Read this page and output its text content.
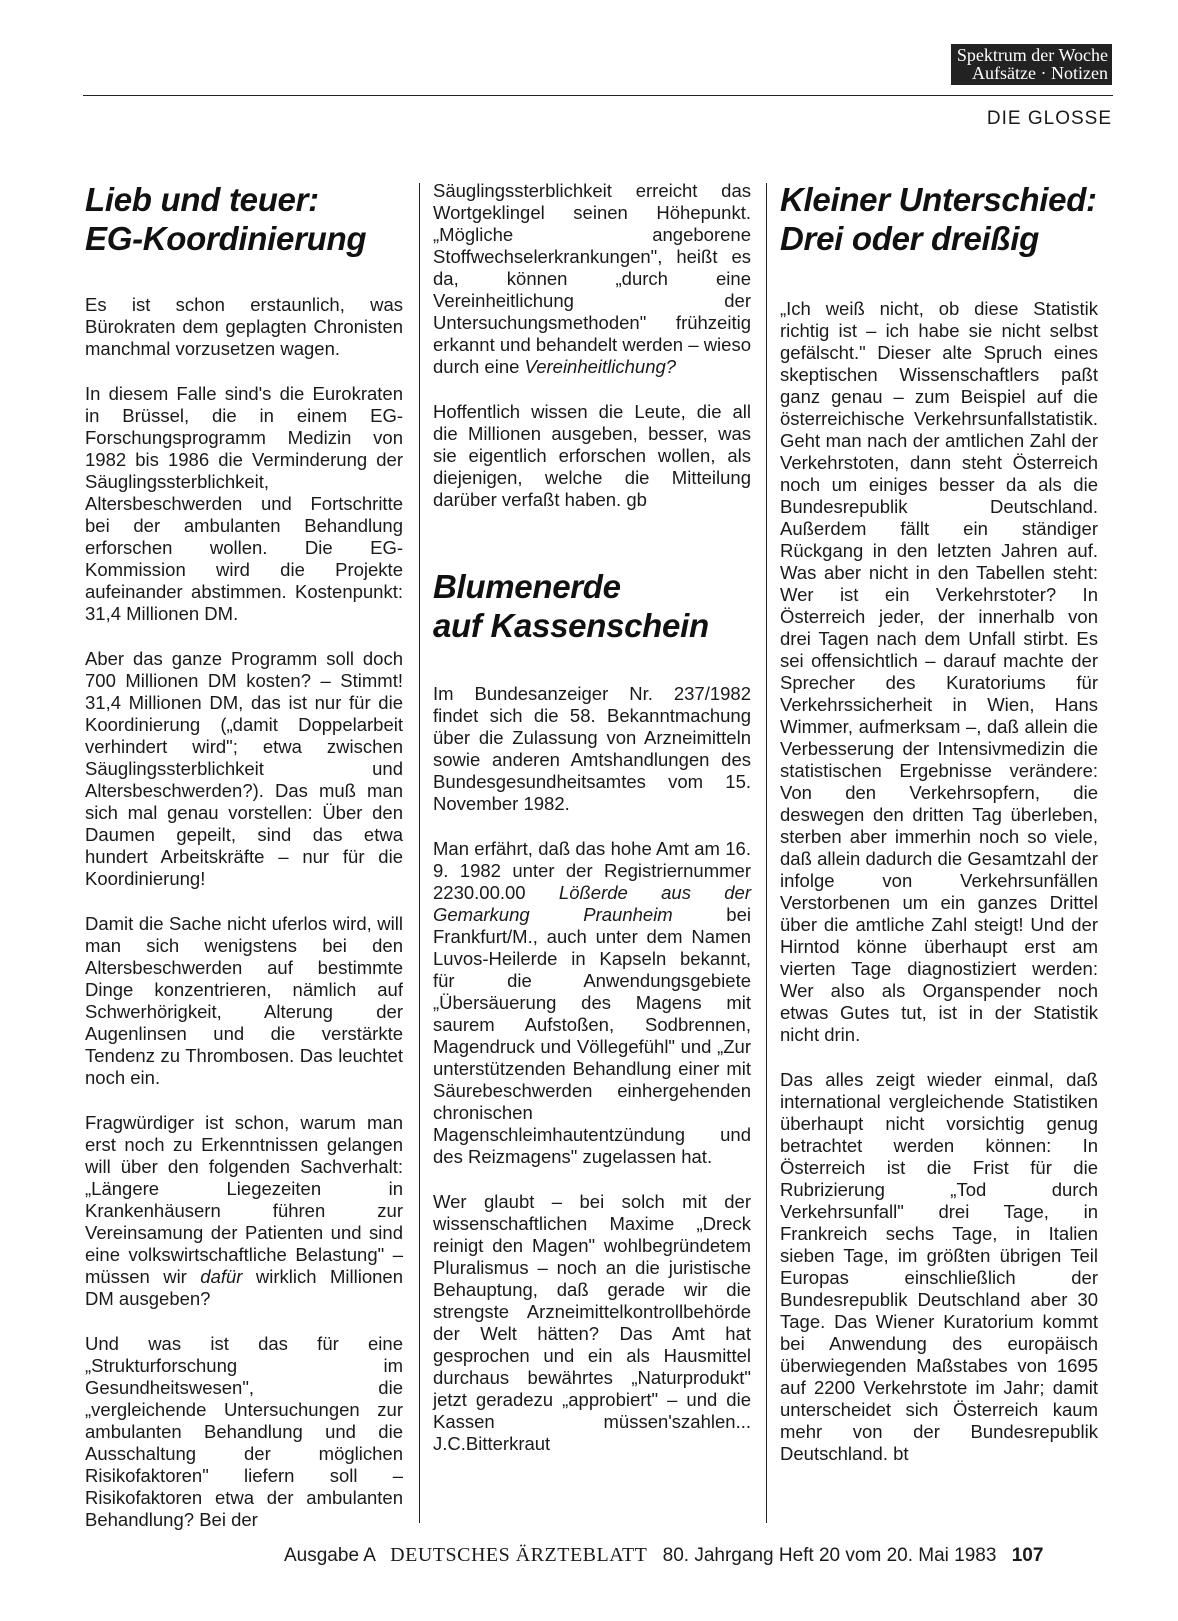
Spektrum der Woche
Aufsätze · Notizen
DIE GLOSSE
Lieb und teuer:
EG-Koordinierung

Es ist schon erstaunlich, was Bürokraten dem geplagten Chronisten manchmal vorzusetzen wagen.

In diesem Falle sind's die Eurokraten in Brüssel, die in einem EG-Forschungsprogramm Medizin von 1982 bis 1986 die Verminderung der Säuglingssterblichkeit, Altersbeschwerden und Fortschritte bei der ambulanten Behandlung erforschen wollen. Die EG-Kommission wird die Projekte aufeinander abstimmen. Kostenpunkt: 31,4 Millionen DM.

Aber das ganze Programm soll doch 700 Millionen DM kosten? – Stimmt! 31,4 Millionen DM, das ist nur für die Koordinierung („damit Doppelarbeit verhindert wird"; etwa zwischen Säuglingssterblichkeit und Altersbeschwerden?). Das muß man sich mal genau vorstellen: Über den Daumen gepeilt, sind das etwa hundert Arbeitskräfte – nur für die Koordinierung!

Damit die Sache nicht uferlos wird, will man sich wenigstens bei den Altersbeschwerden auf bestimmte Dinge konzentrieren, nämlich auf Schwerhörigkeit, Alterung der Augenlinsen und die verstärkte Tendenz zu Thrombosen. Das leuchtet noch ein.

Fragwürdiger ist schon, warum man erst noch zu Erkenntnissen gelangen will über den folgenden Sachverhalt: „Längere Liegezeiten in Krankenhäusern führen zur Vereinsamung der Patienten und sind eine volkswirtschaftliche Belastung" – müssen wir dafür wirklich Millionen DM ausgeben?

Und was ist das für eine „Strukturforschung im Gesundheitswesen", die „vergleichende Untersuchungen zur ambulanten Behandlung und die Ausschaltung der möglichen Risikofaktoren" liefern soll – Risikofaktoren etwa der ambulanten Behandlung? Bei der

Säuglingssterblichkeit erreicht das Wortgeklingel seinen Höhepunkt. „Mögliche angeborene Stoffwechselerkrankungen", heißt es da, können „durch eine Vereinheitlichung der Untersuchungsmethoden" frühzeitig erkannt und behandelt werden – wieso durch eine Vereinheitlichung?

Hoffentlich wissen die Leute, die all die Millionen ausgeben, besser, was sie eigentlich erforschen wollen, als diejenigen, welche die Mitteilung darüber verfaßt haben. gb

Blumenerde
auf Kassenschein

Im Bundesanzeiger Nr. 237/1982 findet sich die 58. Bekanntmachung über die Zulassung von Arzneimitteln sowie anderen Amtshandlungen des Bundesgesundheitsamtes vom 15. November 1982.

Man erfährt, daß das hohe Amt am 16. 9. 1982 unter der Registriernummer 2230.00.00 Lößerde aus der Gemarkung Praunheim bei Frankfurt/M., auch unter dem Namen Luvos-Heilerde in Kapseln bekannt, für die Anwendungsgebiete „Übersäuerung des Magens mit saurem Aufstoßen, Sodbrennen, Magendruck und Völlegefühl" und „Zur unterstützenden Behandlung einer mit Säurebeschwerden einhergehenden chronischen Magenschleimhautentzündung und des Reizmagens" zugelassen hat.

Wer glaubt – bei solch mit der wissenschaftlichen Maxime „Dreck reinigt den Magen" wohlbegründetem Pluralismus – noch an die juristische Behauptung, daß gerade wir die strengste Arzneimittelkontrollbehörde der Welt hätten? Das Amt hat gesprochen und ein als Hausmittel durchaus bewährtes „Naturprodukt" jetzt geradezu „approbiert" – und die Kassen müssen'szahlen... J.C.Bitterkraut

Kleiner Unterschied:
Drei oder dreißig

„Ich weiß nicht, ob diese Statistik richtig ist – ich habe sie nicht selbst gefälscht." Dieser alte Spruch eines skeptischen Wissenschaftlers paßt ganz genau – zum Beispiel auf die österreichische Verkehrsunfallstatistik. Geht man nach der amtlichen Zahl der Verkehrstoten, dann steht Österreich noch um einiges besser da als die Bundesrepublik Deutschland. Außerdem fällt ein ständiger Rückgang in den letzten Jahren auf. Was aber nicht in den Tabellen steht: Wer ist ein Verkehrstoter? In Österreich jeder, der innerhalb von drei Tagen nach dem Unfall stirbt. Es sei offensichtlich – darauf machte der Sprecher des Kuratoriums für Verkehrssicherheit in Wien, Hans Wimmer, aufmerksam –, daß allein die Verbesserung der Intensivmedizin die statistischen Ergebnisse verändere: Von den Verkehrsopfern, die deswegen den dritten Tag überleben, sterben aber immerhin noch so viele, daß allein dadurch die Gesamtzahl der infolge von Verkehrsunfällen Verstorbenen um ein ganzes Drittel über die amtliche Zahl steigt! Und der Hirntod könne überhaupt erst am vierten Tage diagnostiziert werden: Wer also als Organspender noch etwas Gutes tut, ist in der Statistik nicht drin.

Das alles zeigt wieder einmal, daß international vergleichende Statistiken überhaupt nicht vorsichtig genug betrachtet werden können: In Österreich ist die Frist für die Rubrizierung „Tod durch Verkehrsunfall" drei Tage, in Frankreich sechs Tage, in Italien sieben Tage, im größten übrigen Teil Europas einschließlich der Bundesrepublik Deutschland aber 30 Tage. Das Wiener Kuratorium kommt bei Anwendung des europäisch überwiegenden Maßstabes von 1695 auf 2200 Verkehrstote im Jahr; damit unterscheidet sich Österreich kaum mehr von der Bundesrepublik Deutschland. bt

Ausgabe A DEUTSCHES ÄRZTEBLATT 80. Jahrgang Heft 20 vom 20. Mai 1983 107
